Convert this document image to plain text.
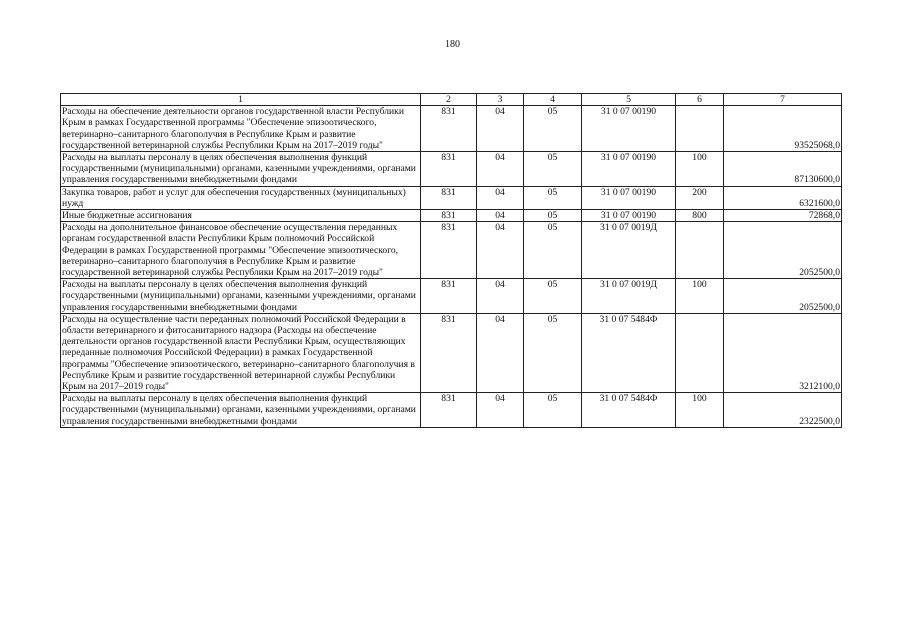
180
1	2	3	4	5	6	7
Расходы на обеспечение деятельности органов государственной власти Республики Крым в рамках Государственной программы "Обеспечение эпизоотического, ветеринарно–санитарного благополучия в Республике Крым и развитие государственной ветеринарной службы Республики Крым на 2017–2019 годы"	831	04	05	31 0 07 00190		93525068,0
Расходы на выплаты персоналу в целях обеспечения выполнения функций государственными (муниципальными) органами, казенными учреждениями, органами управления государственными внебюджетными фондами	831	04	05	31 0 07 00190	100	87130600,0
Закупка товаров, работ и услуг для обеспечения государственных (муниципальных) нужд	831	04	05	31 0 07 00190	200	6321600,0
Иные бюджетные ассигнования	831	04	05	31 0 07 00190	800	72868,0
Расходы на дополнительное финансовое обеспечение осуществления переданных органам государственной власти Республики Крым полномочий Российской Федерации в рамках Государственной программы "Обеспечение эпизоотического, ветеринарно–санитарного благополучия в Республике Крым и развитие государственной ветеринарной службы Республики Крым на 2017–2019 годы"	831	04	05	31 0 07 0019Д		2052500,0
Расходы на выплаты персоналу в целях обеспечения выполнения функций государственными (муниципальными) органами, казенными учреждениями, органами управления государственными внебюджетными фондами	831	04	05	31 0 07 0019Д	100	2052500,0
Расходы на осуществление части переданных полномочий Российской Федерации в области ветеринарного и фитосанитарного надзора (Расходы на обеспечение деятельности органов государственной власти Республики Крым, осуществляющих переданные полномочия Российской Федерации) в рамках Государственной программы "Обеспечение эпизоотического, ветеринарно–санитарного благополучия в Республике Крым и развитие государственной ветеринарной службы Республики Крым на 2017–2019 годы"	831	04	05	31 0 07 5484Ф		3212100,0
Расходы на выплаты персоналу в целях обеспечения выполнения функций государственными (муниципальными) органами, казенными учреждениями, органами управления государственными внебюджетными фондами	831	04	05	31 0 07 5484Ф	100	2322500,0
